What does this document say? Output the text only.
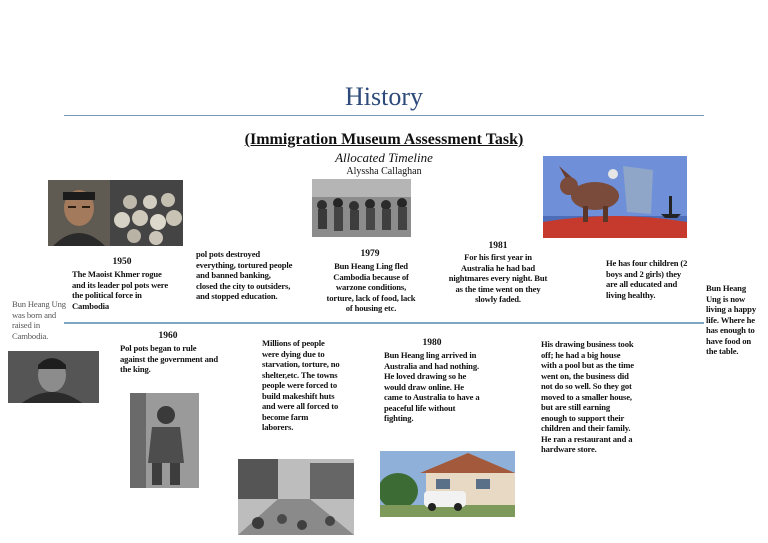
History
(Immigration Museum Assessment Task)
Allocated Timeline
Alyssha Callaghan
Bun Heang Ung was born and raised in Cambodia.
1950
The Maoist Khmer rogue and its leader pol pots were the political force in Cambodia
pol pots destroyed everything, tortured people and banned banking, closed the city to outsiders, and stopped education.
1960
Pol pots began to rule against the government and the king.
Millions of people were dying due to starvation, torture, no shelter,etc. The towns people were forced to build makeshift huts and were all forced to become farm laborers.
1979
Bun Heang Ling fled Cambodia because of warzone conditions, torture, lack of food, lack of housing etc.
1980
Bun Heang ling arrived in Australia and had nothing. He loved drawing so he would draw online. He came to Australia to have a peaceful life without fighting.
1981
For his first year in Australia he had bad nightmares every night. But as the time went on they slowly faded.
His drawing business took off; he had a big house with a pool but as the time went on, the business did not do so well. So they got moved to a smaller house, but are still earning enough to support their children and their family. He ran a restaurant and a hardware store.
He has four children (2 boys and 2 girls) they are all educated and living healthy.
Bun Heang Ung is now living a happy life. Where he has enough to have food on the table.
